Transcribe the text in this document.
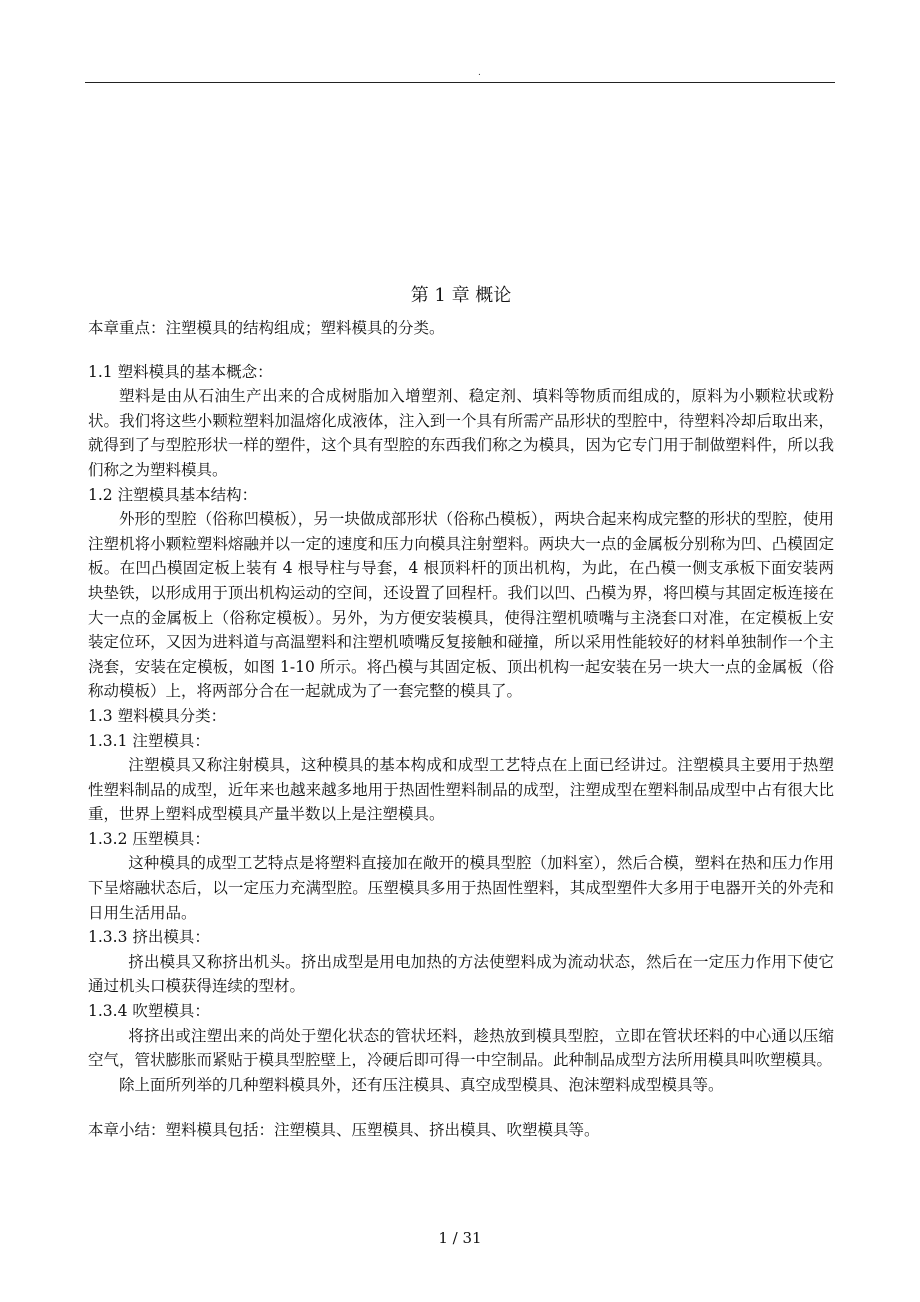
.
第 1 章 概论

本章重点：注塑模具的结构组成；塑料模具的分类。

1.1 塑料模具的基本概念：

塑料是由从石油生产出来的合成树脂加入增塑剂、稳定剂、填料等物质而组成的，原料为小颗粒状或粉状。我们将这些小颗粒塑料加温熔化成液体，注入到一个具有所需产品形状的型腔中，待塑料冷却后取出来，就得到了与型腔形状一样的塑件，这个具有型腔的东西我们称之为模具，因为它专门用于制做塑料件，所以我们称之为塑料模具。

1.2 注塑模具基本结构：

外形的型腔（俗称凹模板），另一块做成部形状（俗称凸模板），两块合起来构成完整的形状的型腔，使用注塑机将小颗粒塑料熔融并以一定的速度和压力向模具注射塑料。两块大一点的金属板分别称为凹、凸模固定板。在凹凸模固定板上装有 4 根导柱与导套，4 根顶料杆的顶出机构，为此，在凸模一侧支承板下面安装两块垫铁，以形成用于顶出机构运动的空间，还设置了回程杆。我们以凹、凸模为界，将凹模与其固定板连接在大一点的金属板上（俗称定模板）。另外，为方便安装模具，使得注塑机喷嘴与主浇套口对准，在定模板上安装定位环，又因为进料道与高温塑料和注塑机喷嘴反复接触和碰撞，所以采用性能较好的材料单独制作一个主浇套，安装在定模板，如图 1-10 所示。将凸模与其固定板、顶出机构一起安装在另一块大一点的金属板（俗称动模板）上，将两部分合在一起就成为了一套完整的模具了。

1.3 塑料模具分类：

1.3.1 注塑模具：

注塑模具又称注射模具，这种模具的基本构成和成型工艺特点在上面已经讲过。注塑模具主要用于热塑性塑料制品的成型，近年来也越来越多地用于热固性塑料制品的成型，注塑成型在塑料制品成型中占有很大比重，世界上塑料成型模具产量半数以上是注塑模具。

1.3.2 压塑模具：

这种模具的成型工艺特点是将塑料直接加在敞开的模具型腔（加料室），然后合模，塑料在热和压力作用下呈熔融状态后，以一定压力充满型腔。压塑模具多用于热固性塑料，其成型塑件大多用于电器开关的外壳和日用生活用品。

1.3.3 挤出模具：

挤出模具又称挤出机头。挤出成型是用电加热的方法使塑料成为流动状态，然后在一定压力作用下使它通过机头口模获得连续的型材。

1.3.4 吹塑模具：

将挤出或注塑出来的尚处于塑化状态的管状坯料，趁热放到模具型腔，立即在管状坯料的中心通以压缩空气，管状膨胀而紧贴于模具型腔壁上，冷硬后即可得一中空制品。此种制品成型方法所用模具叫吹塑模具。

除上面所列举的几种塑料模具外，还有压注模具、真空成型模具、泡沫塑料成型模具等。

本章小结：塑料模具包括：注塑模具、压塑模具、挤出模具、吹塑模具等。

1 / 31
